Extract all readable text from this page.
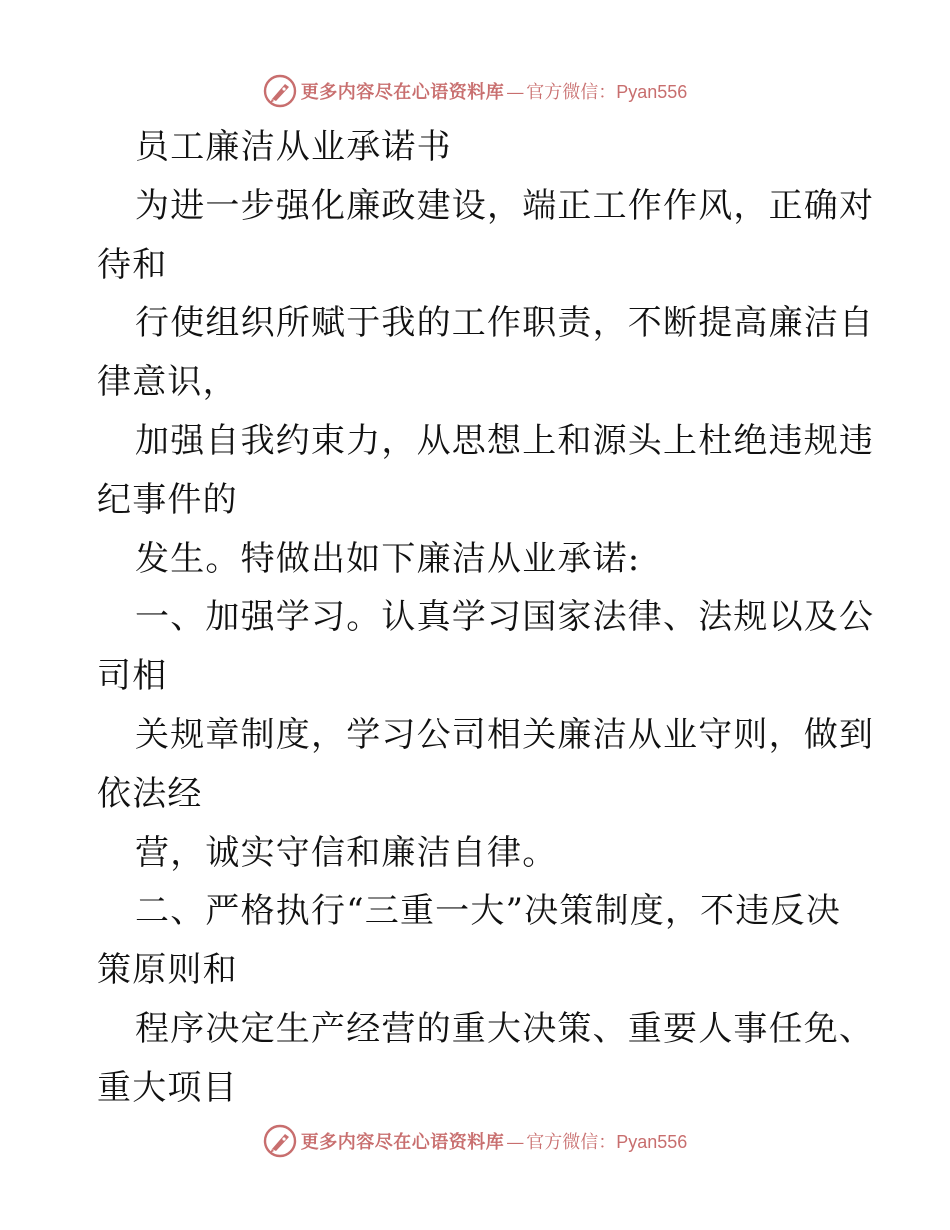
更多内容尽在心语资料库 — 官方微信： Pyan556
员工廉洁从业承诺书
为进一步强化廉政建设，端正工作作风，正确对
待和
行使组织所赋于我的工作职责，不断提高廉洁自
律意识，
加强自我约束力，从思想上和源头上杜绝违规违
纪事件的
发生。特做出如下廉洁从业承诺:
一、加强学习。认真学习国家法律、法规以及公
司相
关规章制度，学习公司相关廉洁从业守则，做到
依法经
营，诚实守信和廉洁自律。
二、严格执行“三重一大”决策制度，不违反决
策原则和
程序决定生产经营的重大决策、重要人事任免、
重大项目
更多内容尽在心语资料库 — 官方微信： Pyan556
